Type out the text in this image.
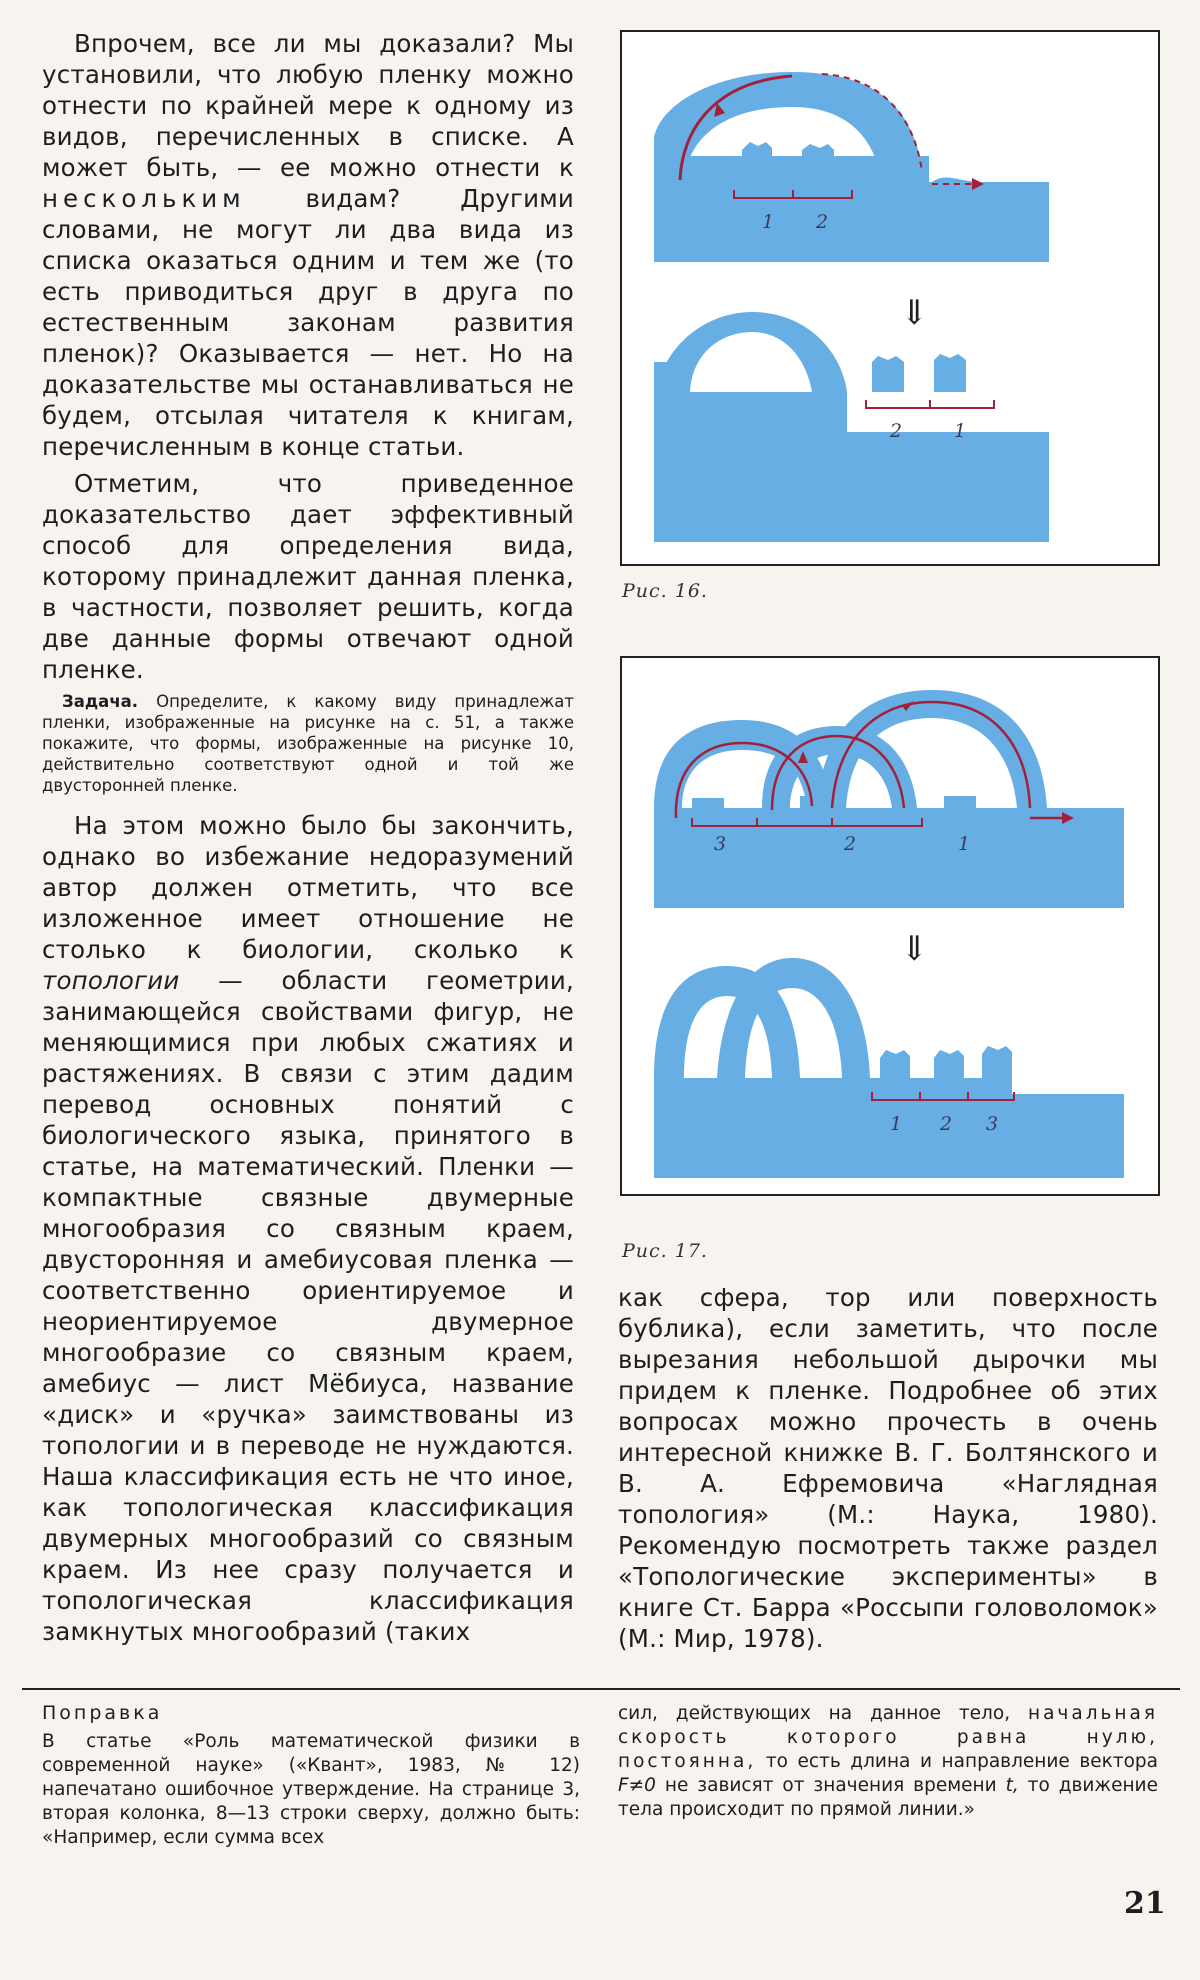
Впрочем, все ли мы доказали? Мы установили, что любую пленку можно отнести по крайней мере к одному из видов, перечисленных в списке. А может быть, — ее можно отнести к нескольким видам? Другими словами, не могут ли два вида из списка оказаться одним и тем же (то есть приводиться друг в друга по естественным законам развития пленок)? Оказывается — нет. Но на доказательстве мы останавливаться не будем, отсылая читателя к книгам, перечисленным в конце статьи.

Отметим, что приведенное доказательство дает эффективный способ для определения вида, которому принадлежит данная пленка, в частности, позволяет решить, когда две данные формы отвечают одной пленке.

Задача. Определите, к какому виду принадлежат пленки, изображенные на рисунке на с. 51, а также покажите, что формы, изображенные на рисунке 10, действительно соответствуют одной и той же двусторонней пленке.

На этом можно было бы закончить, однако во избежание недоразумений автор должен отметить, что все изложенное имеет отношение не столько к биологии, сколько к топологии — области геометрии, занимающейся свойствами фигур, не меняющимися при любых сжатиях и растяжениях. В связи с этим дадим перевод основных понятий с биологического языка, принятого в статье, на математический. Пленки — компактные связные двумерные многообразия со связным краем, двусторонняя и амебиусовая пленка — соответственно ориентируемое и неориентируемое двумерное многообразие со связным краем, амебиус — лист Мёбиуса, название «диск» и «ручка» заимствованы из топологии и в переводе не нуждаются. Наша классификация есть не что иное, как топологическая классификация двумерных многообразий со связным краем. Из нее сразу получается и топологическая классификация замкнутых многообразий (таких

1 2
⇓
2	1
Рис. 16.
3	2	1
⇓
1 2 3
Рис. 17.

как сфера, тор или поверхность бублика), если заметить, что после вырезания небольшой дырочки мы придем к пленке. Подробнее об этих вопросах можно прочесть в очень интересной книжке В. Г. Болтянского и В. А. Ефремовича «Наглядная топология» (М.: Наука, 1980). Рекомендую посмотреть также раздел «Топологические эксперименты» в книге Ст. Барра «Россыпи головоломок» (М.: Мир, 1978).

Поправка

В статье «Роль математической физики в современной науке» («Квант», 1983, № 12) напечатано ошибочное утверждение. На странице 3, вторая колонка, 8—13 строки сверху, должно быть: «Например, если сумма всех

сил, действующих на данное тело, начальная скорость которого равна нулю, постоянна, то есть длина и направление вектора F≠0 не зависят от значения времени t, то движение тела происходит по прямой линии.»

21
